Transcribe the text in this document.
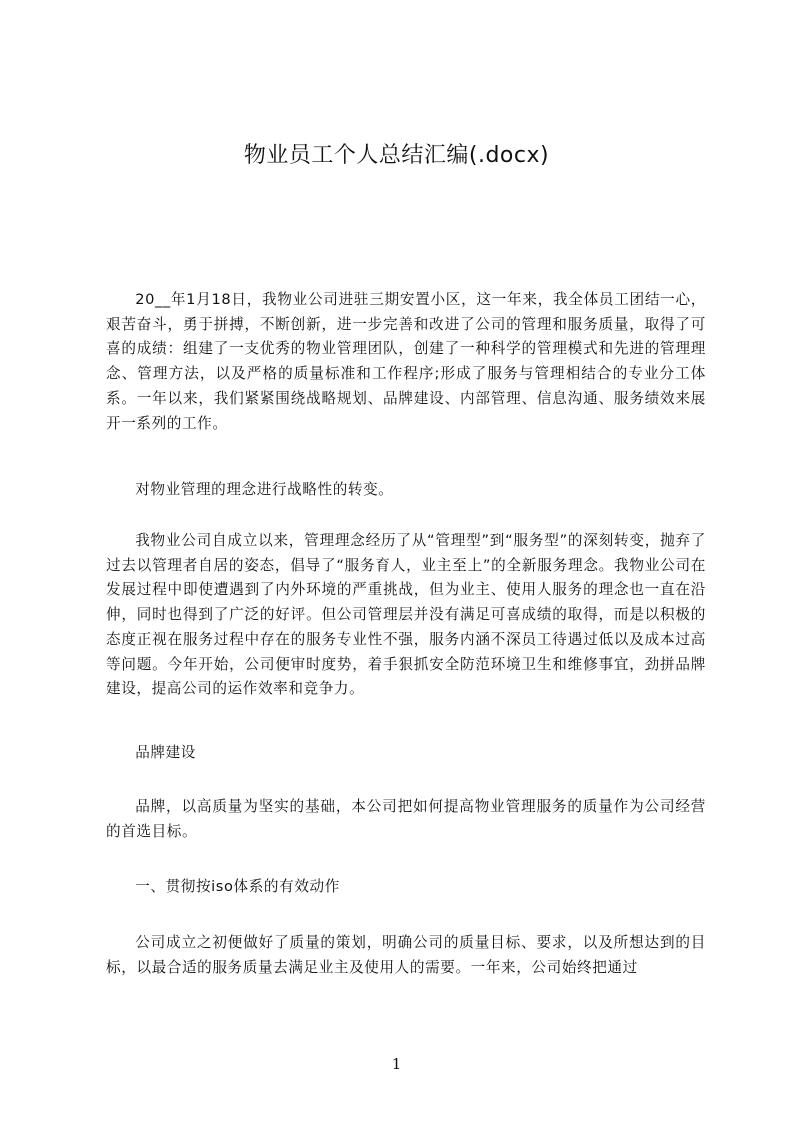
物业员工个人总结汇编(.docx)
20__年1月18日，我物业公司进驻三期安置小区，这一年来，我全体员工团结一心，艰苦奋斗，勇于拼搏，不断创新，进一步完善和改进了公司的管理和服务质量，取得了可喜的成绩：组建了一支优秀的物业管理团队，创建了一种科学的管理模式和先进的管理理念、管理方法，以及严格的质量标准和工作程序;形成了服务与管理相结合的专业分工体系。一年以来，我们紧紧围绕战略规划、品牌建设、内部管理、信息沟通、服务绩效来展开一系列的工作。
对物业管理的理念进行战略性的转变。
我物业公司自成立以来，管理理念经历了从“管理型”到“服务型”的深刻转变，抛弃了过去以管理者自居的姿态，倡导了“服务育人，业主至上”的全新服务理念。我物业公司在发展过程中即使遭遇到了内外环境的严重挑战，但为业主、使用人服务的理念也一直在沿伸，同时也得到了广泛的好评。但公司管理层并没有满足可喜成绩的取得，而是以积极的态度正视在服务过程中存在的服务专业性不强，服务内涵不深员工待遇过低以及成本过高等问题。今年开始，公司便审时度势，着手狠抓安全防范环境卫生和维修事宜，劲拼品牌建设，提高公司的运作效率和竞争力。
品牌建设
品牌，以高质量为坚实的基础，本公司把如何提高物业管理服务的质量作为公司经营的首选目标。
一、贯彻按iso体系的有效动作
公司成立之初便做好了质量的策划，明确公司的质量目标、要求，以及所想达到的目标，以最合适的服务质量去满足业主及使用人的需要。一年来，公司始终把通过
1
